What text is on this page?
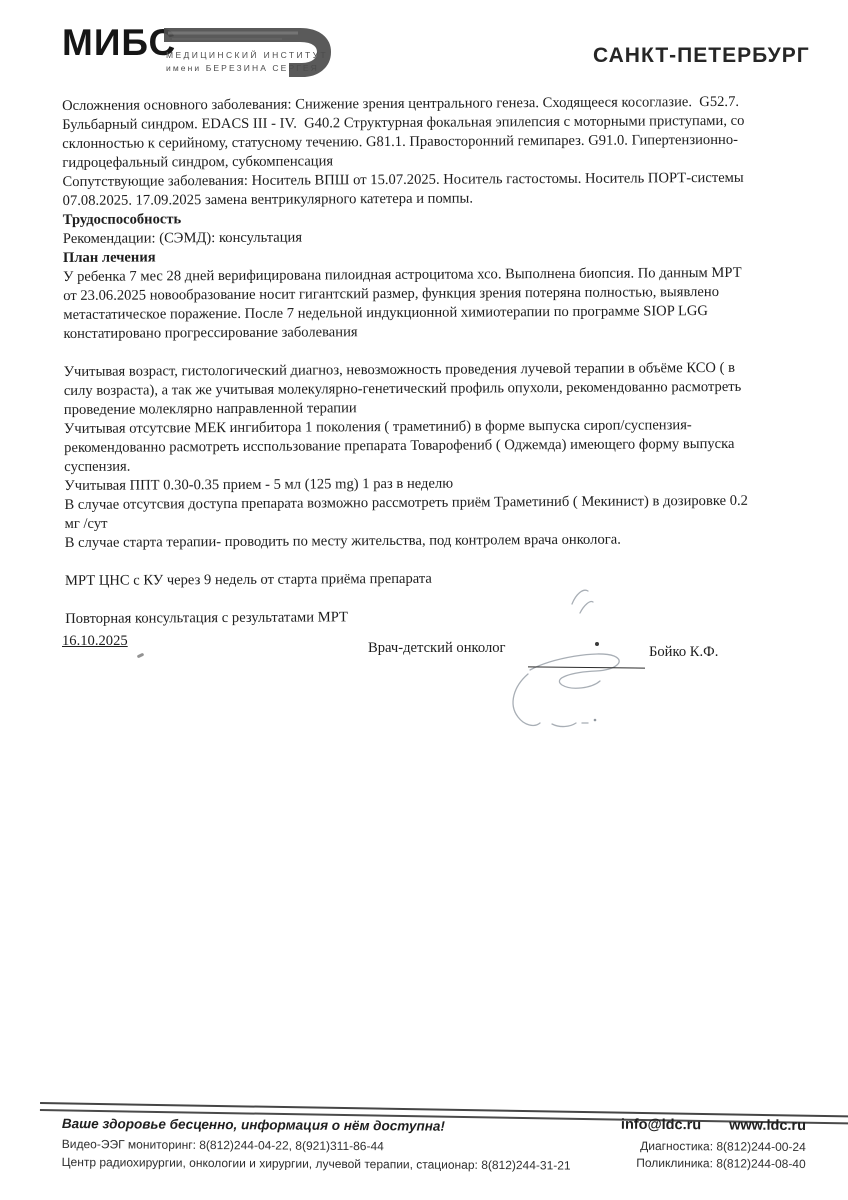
МИБС
МЕДИЦИНСКИЙ ИНСТИТУТ
имени БЕРЕЗИНА СЕРГЕЯ
САНКТ-ПЕТЕРБУРГ

Осложнения основного заболевания: Снижение зрения центрального генеза. Сходящееся косоглазие.  G52.7.
Бульбарный синдром. EDACS III - IV.  G40.2 Структурная фокальная эпилепсия с моторными приступами, со
склонностью к серийному, статусному течению. G81.1. Правосторонний гемипарез. G91.0. Гипертензионно-
гидроцефальный синдром, субкомпенсация

Сопутствующие заболевания: Носитель ВПШ от 15.07.2025. Носитель гастостомы. Носитель ПОРТ-системы
07.08.2025. 17.09.2025 замена вентрикулярного катетера и помпы.

Трудоспособность

Рекомендации: (СЭМД): консультация

План лечения

У ребенка 7 мес 28 дней верифицирована пилоидная астроцитома хсо. Выполнена биопсия. По данным МРТ
от 23.06.2025 новообразование носит гигантский размер, функция зрения потеряна полностью, выявлено
метастатическое поражение. После 7 недельной индукционной химиотерапии по программе SIOP LGG
констатировано прогрессирование заболевания

Учитывая возраст, гистологический диагноз, невозможность проведения лучевой терапии в объёме КСО ( в
силу возраста), а так же учитывая молекулярно-генетический профиль опухоли, рекомендованно расмотреть
проведение молеклярно направленной терапии

Учитывая отсутсвие МЕК ингибитора 1 поколения ( траметиниб) в форме выпуска сироп/суспензия-
рекомендованно расмотреть исспользование препарата Товарофениб ( Оджемда) имеющего форму выпуска
суспензия.

Учитывая ППТ 0.30-0.35 прием - 5 мл (125 mg) 1 раз в неделю

В случае отсутсвия доступа препарата возможно рассмотреть приём Траметиниб ( Мекинист) в дозировке 0.2
мг /сут

В случае старта терапии- проводить по месту жительства, под контролем врача онколога.

МРТ ЦНС с КУ через 9 недель от старта приёма препарата

Повторная консультация с результатами МРТ

16.10.2025	Врач-детский онколог	Бойко К.Ф.
Ваше здоровье бесценно, информация о нём доступна!
Видео-ЭЭГ мониторинг: 8(812)244-04-22, 8(921)311-86-44
Центр радиохирургии, онкологии и хирургии, лучевой терапии, стационар: 8(812)244-31-21
info@ldc.ru www.ldc.ru
Диагностика: 8(812)244-00-24
Поликлиника: 8(812)244-08-40
